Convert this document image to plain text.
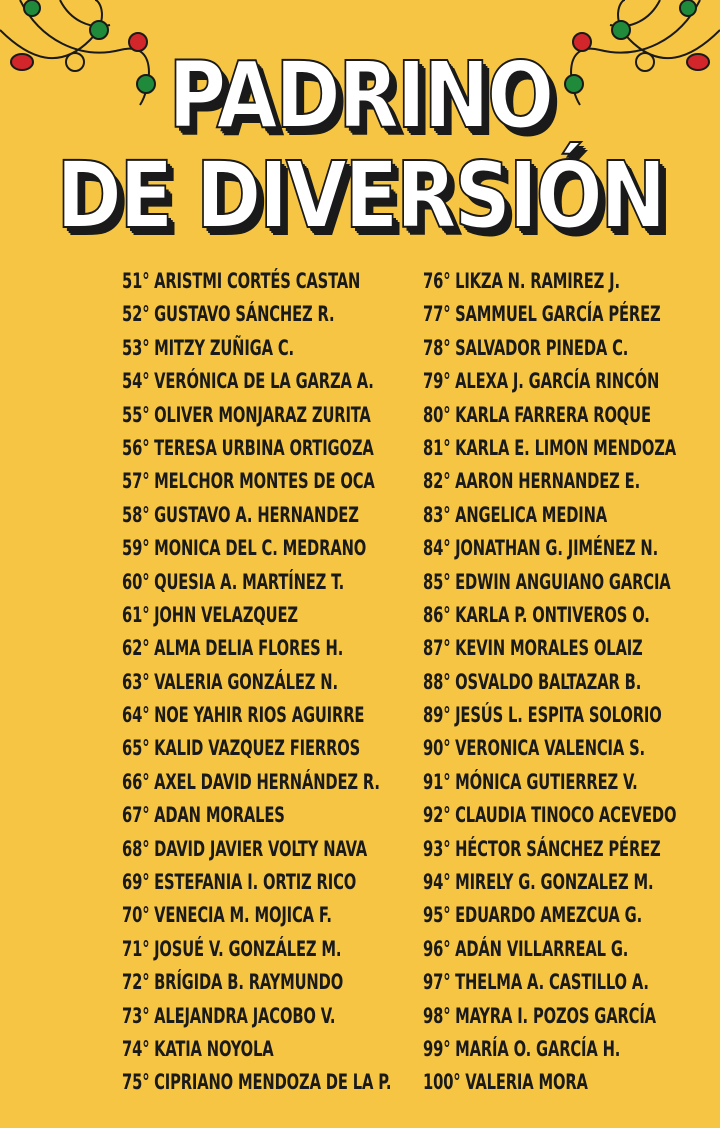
PADRINO
DE DIVERSIÓN
51° ARISTMI CORTÉS CASTAN
52° GUSTAVO SÁNCHEZ R.
53° MITZY ZUÑIGA C.
54° VERÓNICA DE LA GARZA A.
55° OLIVER MONJARAZ ZURITA
56° TERESA URBINA ORTIGOZA
57° MELCHOR MONTES DE OCA
58° GUSTAVO A. HERNANDEZ
59° MONICA DEL C. MEDRANO
60° QUESIA A. MARTÍNEZ T.
61° JOHN VELAZQUEZ
62° ALMA DELIA FLORES H.
63° VALERIA GONZÁLEZ N.
64° NOE YAHIR RIOS AGUIRRE
65° KALID VAZQUEZ FIERROS
66° AXEL DAVID HERNÁNDEZ R.
67° ADAN MORALES
68° DAVID JAVIER VOLTY NAVA
69° ESTEFANIA I. ORTIZ RICO
70° VENECIA M. MOJICA F.
71° JOSUÉ V. GONZÁLEZ M.
72° BRÍGIDA B. RAYMUNDO
73° ALEJANDRA JACOBO V.
74° KATIA NOYOLA
75° CIPRIANO MENDOZA DE LA P.
76° LIKZA N. RAMIREZ J.
77° SAMMUEL GARCÍA PÉREZ
78° SALVADOR PINEDA C.
79° ALEXA J. GARCÍA RINCÓN
80° KARLA FARRERA ROQUE
81° KARLA E. LIMON MENDOZA
82° AARON HERNANDEZ E.
83° ANGELICA MEDINA
84° JONATHAN G. JIMÉNEZ N.
85° EDWIN ANGUIANO GARCIA
86° KARLA P. ONTIVEROS O.
87° KEVIN MORALES OLAIZ
88° OSVALDO BALTAZAR B.
89° JESÚS L. ESPITA SOLORIO
90° VERONICA VALENCIA S.
91° MÓNICA GUTIERREZ V.
92° CLAUDIA TINOCO ACEVEDO
93° HÉCTOR SÁNCHEZ PÉREZ
94° MIRELY G. GONZALEZ M.
95° EDUARDO AMEZCUA G.
96° ADÁN VILLARREAL G.
97° THELMA A. CASTILLO A.
98° MAYRA I. POZOS GARCÍA
99° MARÍA O. GARCÍA H.
100° VALERIA MORA
